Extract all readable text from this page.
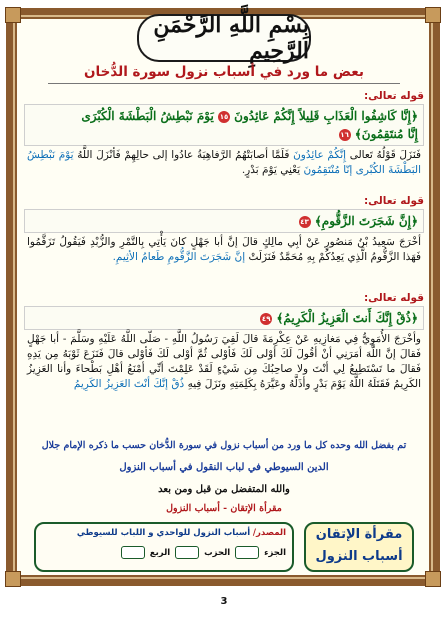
بِسْمِ اللَّهِ الرَّحْمَنِ الرَّحِيمِ
بعض ما ورد في أسباب نزول سورة الدُّخان
قوله تعالى:
﴿إِنَّا كَاشِفُوا الْعَذَابِ قَلِيلاً إِنَّكُمْ عَائِدُونَ ١٥ يَوْمَ نَبْطِشُ الْبَطْشَةَ الْكُبْرَى
إِنَّا مُنتَقِمُونَ﴾ ١٦
فَنَزَلَ قَوْلُهُ تَعالى إِنَّكُمْ عائِدُونَ فَلَمَّا أصابَتْهُمُ الرَّفاهِيَةُ عادُوا إلى حالِهِمْ فَأنْزَلَ اللَّهُ يَوْمَ نَبْطِشُ البَطْشَةَ الكُبْرى إنّا مُنْتَقِمُونَ يَعْنِي يَوْمَ بَدْرٍ.
قوله تعالى:
﴿إِنَّ شَجَرَتَ الزَّقُّومِ﴾ ٤٣
أخْرَجَ سَعِيدُ بْنُ مَنصُورٍ عَنْ أبِي مالِكٍ قالَ إنَّ أبا جَهْلٍ كانَ يَأْتِي بِالتَّمْرِ والزُّبْدِ فَيَقُولُ تَزَقَّمُوا فَهَذا الزَّقُّومُ الَّذِي يَعِدُكُمْ بِهِ مُحَمَّدٌ فَنَزَلَتْ إنَّ شَجَرَتَ الزَّقُّومِ طَعامُ الأثِيمِ.
قوله تعالى:
﴿ذُقْ إِنَّكَ أَنتَ الْعَزِيزُ الْكَرِيمُ﴾ ٤٩
وأخْرَجَ الأُمَوِيُّ فِي مَغازِيهِ عَنْ عِكْرِمَةَ قالَ لَقِيَ رَسُولُ اللَّهِ - صَلّى اللَّهُ عَلَيْهِ وسَلَّمَ - أبا جَهْلٍ فَقالَ إنَّ اللَّهَ أمَرَنِي أنْ أقُولَ لَكَ أوْلى لَكَ فَأوْلى ثُمَّ أوْلى لَكَ فَأوْلى قالَ فَنَزَعَ ثَوْبَهُ مِن يَدِهِ فَقالَ ما تَسْتَطِيعُ لِي أنْتَ ولا صاحِبُكَ مِن شَيْءٍ لَقَدْ عَلِمْتَ أنِّي أمْنَعُ أهْلِ بَطْحاءَ وأنا العَزِيزُ الكَرِيمُ فَقَتَلَهُ اللَّهُ يَوْمَ بَدْرٍ وأذَلَّهُ وعَيَّرَهُ بِكَلِمَتِهِ ونَزَلَ فِيهِ ذُقْ إنَّكَ أنْتَ العَزِيزُ الكَرِيمُ
تم بفضل الله وحده كل ما ورد من أسباب نزول في سورة الدُّخان حسب ما ذكره الإمام جلال
الدين السيوطي في لباب النقول في أسباب النزول
والله المتفضل من قبل ومن بعد
مقرأة الإتقان - أسباب النزول
المصدر/ أسباب النزول للواحدي و اللباب للسيوطي
الجزء  الحزب  الربع
مقرأة الإتقان
أسباب النزول
3
